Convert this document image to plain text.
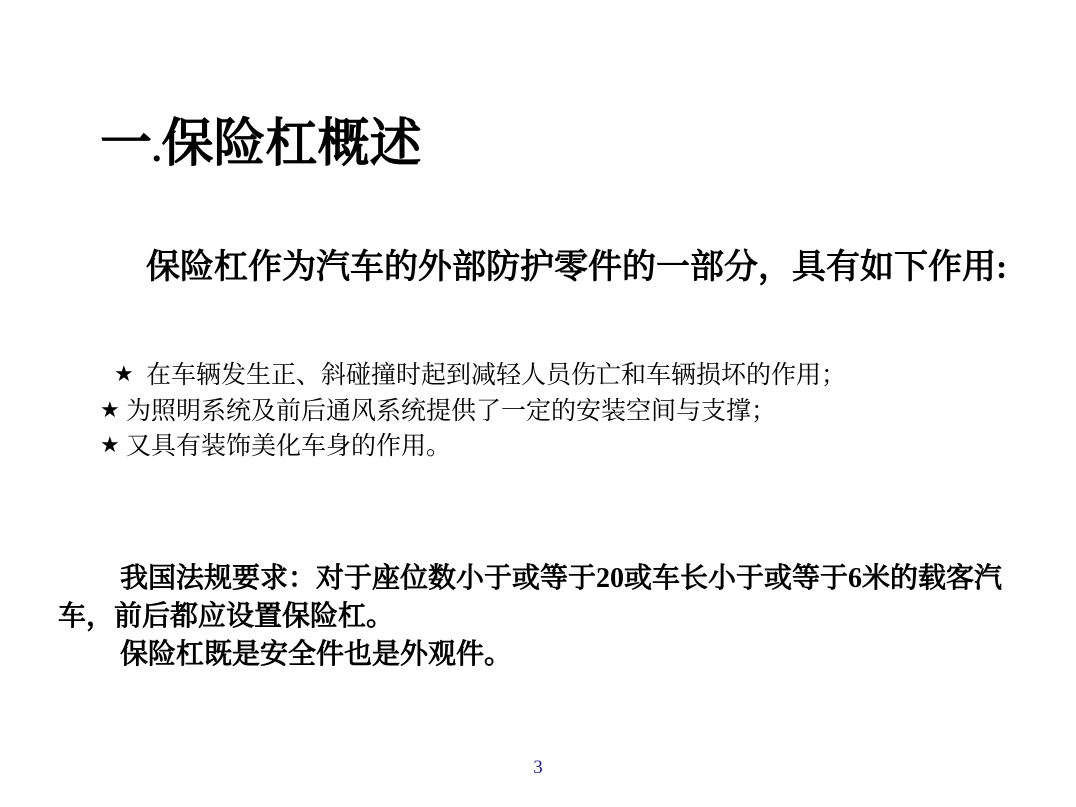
一.保险杠概述
保险杠作为汽车的外部防护零件的一部分，具有如下作用:
★ 在车辆发生正、斜碰撞时起到减轻人员伤亡和车辆损坏的作用；
★ 为照明系统及前后通风系统提供了一定的安装空间与支撑；
★ 又具有装饰美化车身的作用。
我国法规要求：对于座位数小于或等于20或车长小于或等于6米的载客汽车，前后都应设置保险杠。
保险杠既是安全件也是外观件。
3
